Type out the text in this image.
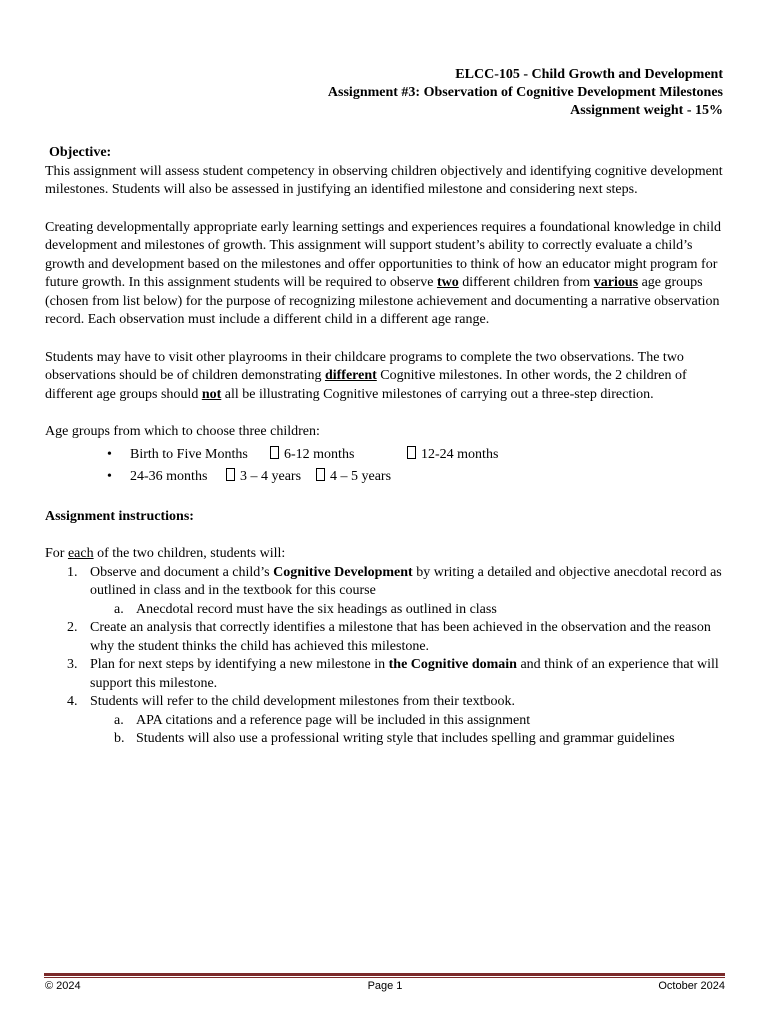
ELCC-105 - Child Growth and Development
Assignment #3: Observation of Cognitive Development Milestones
Assignment weight - 15%

Objective:

This assignment will assess student competency in observing children objectively and identifying cognitive development milestones. Students will also be assessed in justifying an identified milestone and considering next steps.

Creating developmentally appropriate early learning settings and experiences requires a foundational knowledge in child development and milestones of growth. This assignment will support student’s ability to correctly evaluate a child’s growth and development based on the milestones and offer opportunities to think of how an educator might program for future growth. In this assignment students will be required to observe two different children from various age groups (chosen from list below) for the purpose of recognizing milestone achievement and documenting a narrative observation record. Each observation must include a different child in a different age range.

Students may have to visit other playrooms in their childcare programs to complete the two observations. The two observations should be of children demonstrating different Cognitive milestones. In other words, the 2 children of different age groups should not all be illustrating Cognitive milestones of carrying out a three-step direction.

Age groups from which to choose three children:

• Birth to Five Months	6-12 months	12-24 months
• 24-36 months	3 – 4 years	4 – 5 years

Assignment instructions:

For each of the two children, students will:

1. Observe and document a child’s Cognitive Development by writing a detailed and objective anecdotal record as outlined in class and in the textbook for this course
a. Anecdotal record must have the six headings as outlined in class
2. Create an analysis that correctly identifies a milestone that has been achieved in the observation and the reason why the student thinks the child has achieved this milestone.
3. Plan for next steps by identifying a new milestone in the Cognitive domain and think of an experience that will support this milestone.
4. Students will refer to the child development milestones from their textbook.
a. APA citations and a reference page will be included in this assignment
b. Students will also use a professional writing style that includes spelling and grammar guidelines
© 2024	Page 1	October 2024
